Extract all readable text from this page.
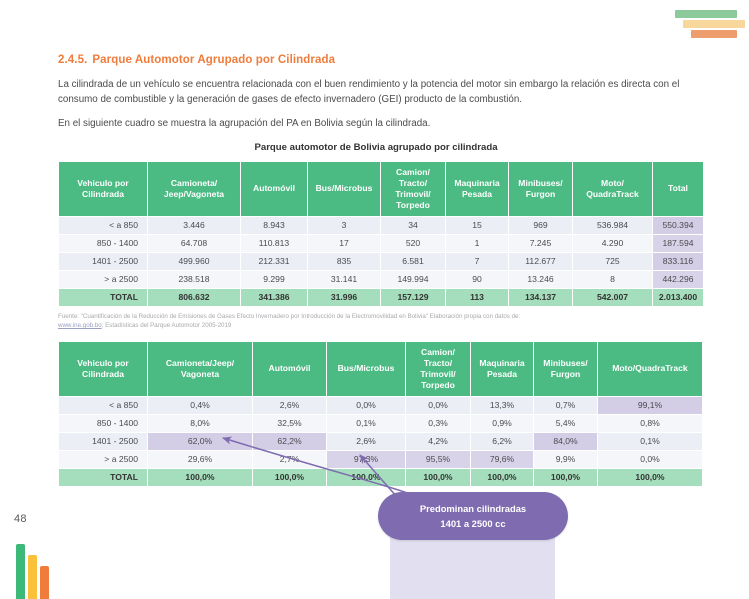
48
2.4.5. Parque Automotor Agrupado por Cilindrada

La cilindrada de un vehículo se encuentra relacionada con el buen rendimiento y la potencia del motor sin embargo la relación es directa con el consumo de combustible y la generación de gases de efecto invernadero (GEI) producto de la combustión.

En el siguiente cuadro se muestra la agrupación del PA en Bolivia según la cilindrada.

Parque automotor de Bolivia agrupado por cilindrada
Vehiculo por Cilindrada	Camioneta/ Jeep/Vagoneta	Automóvil	Bus/Microbus	Camion/ Tracto/ Trimovil/ Torpedo	Maquinaria Pesada	Minibuses/ Furgon	Moto/ QuadraTrack	Total
< a 850	3.446	8.943	3	34	15	969	536.984	550.394
850 - 1400	64.708	110.813	17	520	1	7.245	4.290	187.594
1401 - 2500	499.960	212.331	835	6.581	7	112.677	725	833.116
> a 2500	238.518	9.299	31.141	149.994	90	13.246	8	442.296
TOTAL	806.632	341.386	31.996	157.129	113	134.137	542.007	2.013.400
Fuente: "Cuantificación de la Reducción de Emisiones de Gases Efecto Invernadero por Introducción de la Electromovilidad en Bolivia" Elaboración propia con datos de:
www.ine.gob.bo; Estadísticas del Parque Automotor 2005-2019
Vehiculo por Cilindrada	Camioneta/Jeep/ Vagoneta	Automóvil	Bus/Microbus	Camion/ Tracto/ Trimovil/ Torpedo	Maquinaria Pesada	Minibuses/ Furgon	Moto/QuadraTrack
< a 850	0,4%	2,6%	0,0%	0,0%	13,3%	0,7%	99,1%
850 - 1400	8,0%	32,5%	0,1%	0,3%	0,9%	5,4%	0,8%
1401 - 2500	62,0%	62,2%	2,6%	4,2%	6,2%	84,0%	0,1%
> a 2500	29,6%	2,7%	97,3%	95,5%	79,6%	9,9%	0,0%
TOTAL	100,0%	100,0%	100,0%	100,0%	100,0%	100,0%	100,0%
Predominan cilindradas
1401 a 2500 cc
